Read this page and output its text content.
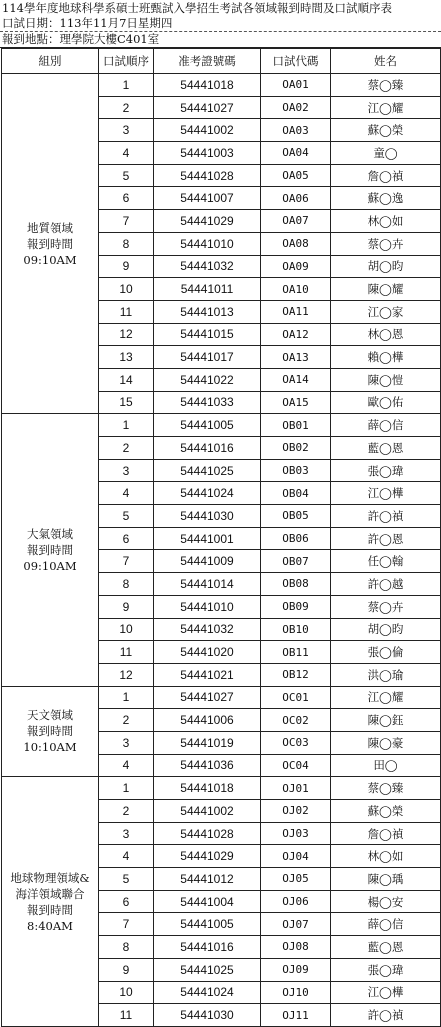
114學年度地球科學系碩士班甄試入學招生考試各領域報到時間及口試順序表
口試日期：113年11月7日星期四
報到地點：理學院大樓C401室
組別	口試順序	准考證號碼	口試代碼	姓名

地質領域
報到時間
09:10AM	1	54441018	OA01	蔡◯臻
	2	54441027	OA02	江◯耀
	3	54441002	OA03	蘇◯榮
	4	54441003	OA04	童◯
	5	54441028	OA05	詹◯禎
	6	54441007	OA06	蘇◯逸
	7	54441029	OA07	林◯如
	8	54441010	OA08	蔡◯卉
	9	54441032	OA09	胡◯昀
	10	54441011	OA10	陳◯耀
	11	54441013	OA11	江◯家
	12	54441015	OA12	林◯恩
	13	54441017	OA13	賴◯樺
	14	54441022	OA14	陳◯愷
	15	54441033	OA15	歐◯佑

大氣領域
報到時間
09:10AM	1	54441005	OB01	薛◯信
	2	54441016	OB02	藍◯恩
	3	54441025	OB03	張◯瑋
	4	54441024	OB04	江◯樺
	5	54441030	OB05	許◯禎
	6	54441001	OB06	許◯恩
	7	54441009	OB07	任◯翰
	8	54441014	OB08	許◯越
	9	54441010	OB09	蔡◯卉
	10	54441032	OB10	胡◯昀
	11	54441020	OB11	張◯倫
	12	54441021	OB12	洪◯瑜

天文領域
報到時間
10:10AM	1	54441027	OC01	江◯耀
	2	54441006	OC02	陳◯鈺
	3	54441019	OC03	陳◯豪
	4	54441036	OC04	田◯

地球物理領域&
海洋領域聯合
報到時間
8:40AM	1	54441018	OJ01	蔡◯臻
	2	54441002	OJ02	蘇◯榮
	3	54441028	OJ03	詹◯禎
	4	54441029	OJ04	林◯如
	5	54441012	OJ05	陳◯瑀
	6	54441004	OJ06	楊◯安
	7	54441005	OJ07	薛◯信
	8	54441016	OJ08	藍◯恩
	9	54441025	OJ09	張◯瑋
	10	54441024	OJ10	江◯樺
	11	54441030	OJ11	許◯禎
